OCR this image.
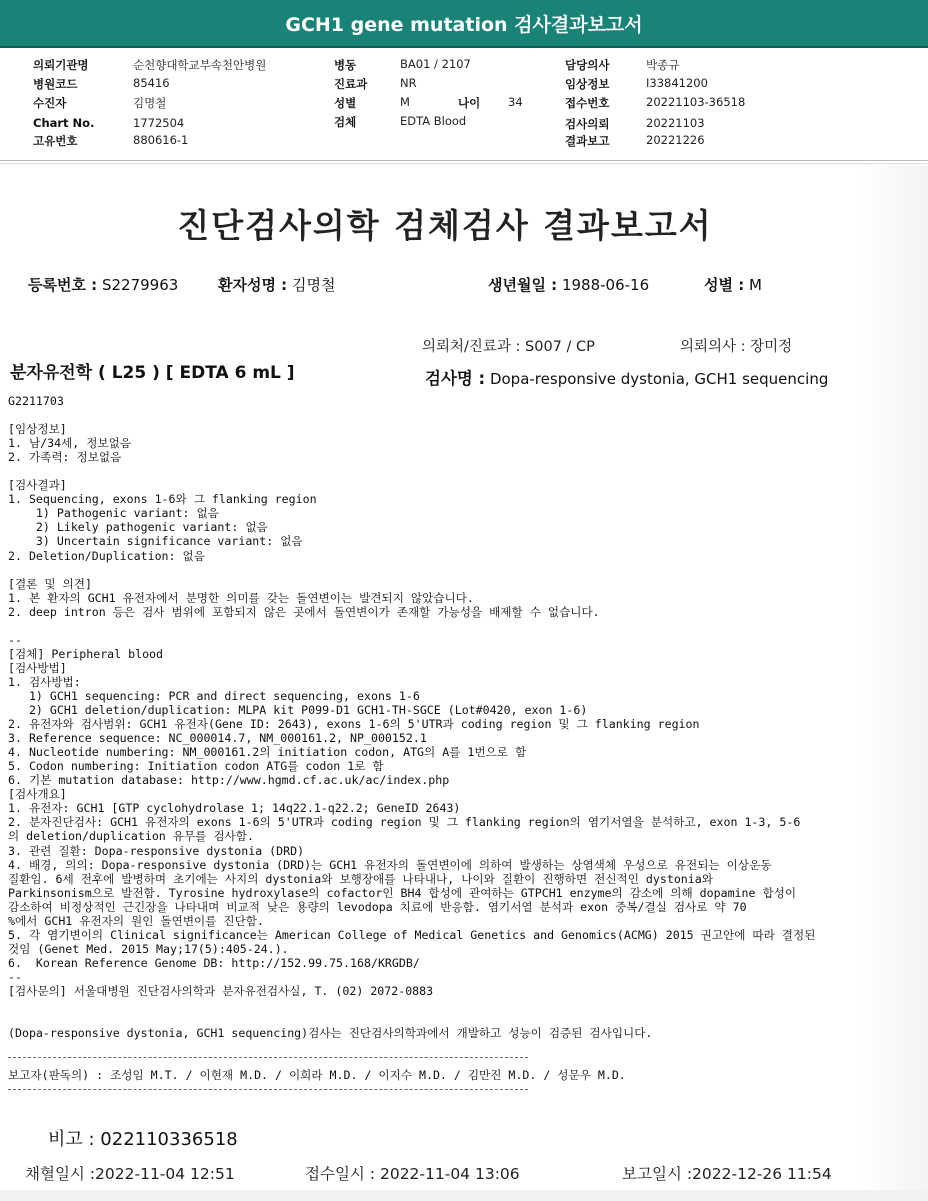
GCH1 gene mutation 검사결과보고서
의뢰기관명	순천향대학교부속천안병원
병원코드	85416
수진자	김명철
Chart No.	1772504
고유번호	880616-1
병동	BA01 / 2107
진료과	NR
성별	M	나이 34
검체	EDTA Blood
담당의사	박종규
임상정보	I33841200
접수번호	20221103-36518
검사의뢰	20221103
결과보고	20221226
진단검사의학 검체검사 결과보고서
등록번호 : S2279963	환자성명 : 김명철	생년월일 : 1988-06-16	성별 : M
의뢰처/진료과 : S007 / CP	의뢰의사 : 장미정
분자유전학 ( L25 ) [ EDTA 6 mL ]	검사명 : Dopa-responsive dystonia, GCH1 sequencing
G2211703
[임상정보]
1. 남/34세, 정보없음
2. 가족력: 정보없음
[검사결과]
1. Sequencing, exons 1-6와 그 flanking region
1) Pathogenic variant: 없음
2) Likely pathogenic variant: 없음
3) Uncertain significance variant: 없음
2. Deletion/Duplication: 없음
[결론 및 의견]
1. 본 환자의 GCH1 유전자에서 분명한 의미를 갖는 돌연변이는 발견되지 않았습니다.
2. deep intron 등은 검사 범위에 포함되지 않은 곳에서 돌연변이가 존재할 가능성을 배제할 수 없습니다.
--
[검체] Peripheral blood
[검사방법]
1. 검사방법:
1) GCH1 sequencing: PCR and direct sequencing, exons 1-6
2) GCH1 deletion/duplication: MLPA kit P099-D1 GCH1-TH-SGCE (Lot#0420, exon 1-6)
2. 유전자와 검사범위: GCH1 유전자(Gene ID: 2643), exons 1-6의 5'UTR과 coding region 및 그 flanking region
3. Reference sequence: NC_000014.7, NM_000161.2, NP_000152.1
4. Nucleotide numbering: NM_000161.2의 initiation codon, ATG의 A를 1번으로 함
5. Codon numbering: Initiation codon ATG를 codon 1로 함
6. 기본 mutation database: http://www.hgmd.cf.ac.uk/ac/index.php
[검사개요]
1. 유전자: GCH1 [GTP cyclohydrolase 1; 14q22.1-q22.2; GeneID 2643)
2. 분자진단검사: GCH1 유전자의 exons 1-6의 5'UTR과 coding region 및 그 flanking region의 염기서열을 분석하고, exon 1-3, 5-6
의 deletion/duplication 유무를 검사함.
3. 관련 질환: Dopa-responsive dystonia (DRD)
4. 배경, 의의: Dopa-responsive dystonia (DRD)는 GCH1 유전자의 돌연변이에 의하여 발생하는 상염색체 우성으로 유전되는 이상운동
질환임. 6세 전후에 발병하며 초기에는 사지의 dystonia와 보행장애를 나타내나, 나이와 질환이 진행하면 전신적인 dystonia와
Parkinsonism으로 발전함. Tyrosine hydroxylase의 cofactor인 BH4 합성에 관여하는 GTPCH1 enzyme의 감소에 의해 dopamine 합성이
감소하여 비정상적인 근긴장을 나타내며 비교적 낮은 용량의 levodopa 치료에 반응함. 염기서열 분석과 exon 중복/결실 검사로 약 70
%에서 GCH1 유전자의 원인 돌연변이를 진단함.
5. 각 염기변이의 Clinical significance는 American College of Medical Genetics and Genomics(ACMG) 2015 권고안에 따라 결정된
것임 (Genet Med. 2015 May;17(5):405-24.).
6.  Korean Reference Genome DB: http://152.99.75.168/KRGDB/
--
[검사문의] 서울대병원 진단검사의학과 분자유전검사실, T. (02) 2072-0883
(Dopa-responsive dystonia, GCH1 sequencing)검사는 진단검사의학과에서 개발하고 성능이 검증된 검사입니다.
보고자(판독의) : 조성임 M.T. / 이현재 M.D. / 이희라 M.D. / 이지수 M.D. / 김만진 M.D. / 성문우 M.D.
비고 : 022110336518
채혈일시 :2022-11-04 12:51	접수일시 : 2022-11-04 13:06	보고일시 :2022-12-26 11:54
